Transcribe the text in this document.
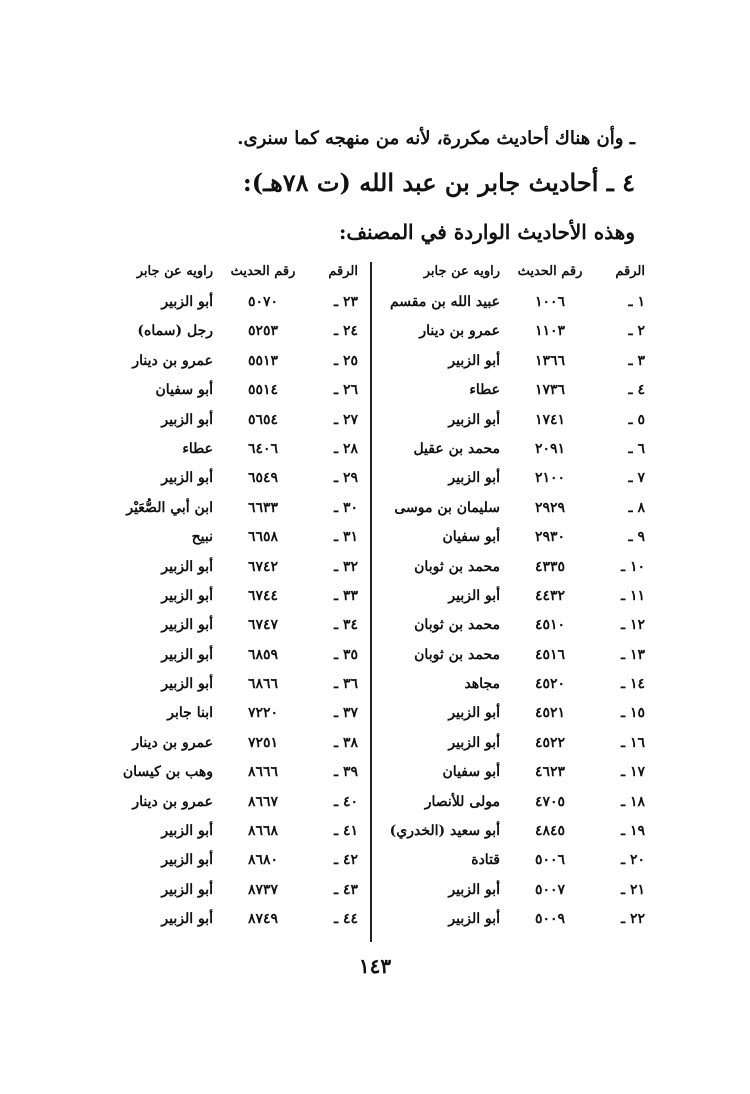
ـ وأن هناك أحاديث مكررة، لأنه من منهجه كما سنرى.
٤ ـ أحاديث جابر بن عبد الله (ت ٧٨هـ):
وهذه الأحاديث الواردة في المصنف:
الرقم
رقم الحديث
راويه عن جابر
١ ـ
١٠٠٦
عبيد الله بن مقسم
٢ ـ
١١٠٣
عمرو بن دينار
٣ ـ
١٣٦٦
أبو الزبير
٤ ـ
١٧٣٦
عطاء
٥ ـ
١٧٤١
أبو الزبير
٦ ـ
٢٠٩١
محمد بن عقيل
٧ ـ
٢١٠٠
أبو الزبير
٨ ـ
٢٩٢٩
سليمان بن موسى
٩ ـ
٢٩٣٠
أبو سفيان
١٠ ـ
٤٣٣٥
محمد بن ثوبان
١١ ـ
٤٤٣٢
أبو الزبير
١٢ ـ
٤٥١٠
محمد بن ثوبان
١٣ ـ
٤٥١٦
محمد بن ثوبان
١٤ ـ
٤٥٢٠
مجاهد
١٥ ـ
٤٥٢١
أبو الزبير
١٦ ـ
٤٥٢٢
أبو الزبير
١٧ ـ
٤٦٢٣
أبو سفيان
١٨ ـ
٤٧٠٥
مولى للأنصار
١٩ ـ
٤٨٤٥
أبو سعيد (الخدري)
٢٠ ـ
٥٠٠٦
قتادة
٢١ ـ
٥٠٠٧
أبو الزبير
٢٢ ـ
٥٠٠٩
أبو الزبير
الرقم
رقم الحديث
راويه عن جابر
٢٣ ـ
٥٠٧٠
أبو الزبير
٢٤ ـ
٥٢٥٣
رجل (سماه)
٢٥ ـ
٥٥١٣
عمرو بن دينار
٢٦ ـ
٥٥١٤
أبو سفيان
٢٧ ـ
٥٦٥٤
أبو الزبير
٢٨ ـ
٦٤٠٦
عطاء
٢٩ ـ
٦٥٤٩
أبو الزبير
٣٠ ـ
٦٦٣٣
ابن أبي الصُّعَيْر
٣١ ـ
٦٦٥٨
نبيح
٣٢ ـ
٦٧٤٢
أبو الزبير
٣٣ ـ
٦٧٤٤
أبو الزبير
٣٤ ـ
٦٧٤٧
أبو الزبير
٣٥ ـ
٦٨٥٩
أبو الزبير
٣٦ ـ
٦٨٦٦
أبو الزبير
٣٧ ـ
٧٢٢٠
ابنا جابر
٣٨ ـ
٧٢٥١
عمرو بن دينار
٣٩ ـ
٨٦٦٦
وهب بن كيسان
٤٠ ـ
٨٦٦٧
عمرو بن دينار
٤١ ـ
٨٦٦٨
أبو الزبير
٤٢ ـ
٨٦٨٠
أبو الزبير
٤٣ ـ
٨٧٣٧
أبو الزبير
٤٤ ـ
٨٧٤٩
أبو الزبير
١٤٣
